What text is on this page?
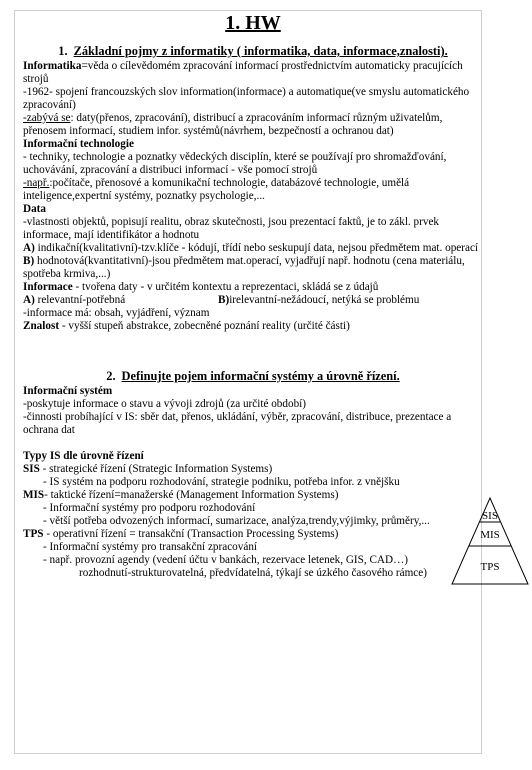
1. HW
1. Základní pojmy z informatiky ( informatika, data, informace,znalosti).
Informatika=věda o cílevědomém zpracování informací prostřednictvím automaticky pracujících strojů
-1962- spojení francouzských slov information(informace) a automatique(ve smyslu automatického zpracování)
-zabývá se: daty(přenos, zpracování), distribucí a zpracováním informací různým uživatelům, přenosem informací, studiem infor. systémů(návrhem, bezpečností a ochranou dat)
Informační technologie
- techniky, technologie a poznatky vědeckých disciplín, které se používají pro shromažďování, uchovávání, zpracování a distribuci informací - vše pomocí strojů
-např.:počítače, přenosové a komunikační technologie, databázové technologie, umělá inteligence,expertní systémy, poznatky psychologie,...
Data
-vlastnosti objektů, popisují realitu, obraz skutečnosti, jsou prezentací faktů, je to zákl. prvek informace, mají identifikátor a hodnotu
A) indikační(kvalitativní)-tzv.klíče - kódují, třídí nebo seskupují data, nejsou předmětem mat. operací
B) hodnotová(kvantitativní)-jsou předmětem mat.operací, vyjadřují např. hodnotu (cena materiálu, spotřeba krmiva,...)
Informace - tvořena daty - v určitém kontextu a reprezentaci, skládá se z údajů
A) relevantní-potřebná	B)irelevantní-nežádoucí, netýká se problému
-informace má: obsah, vyjádření, význam
Znalost - vyšší stupeň abstrakce, zobecněné poznání reality (určité části)
2. Definujte pojem informační systémy a úrovně řízení.
Informační systém
-poskytuje informace o stavu a vývoji zdrojů (za určité období)
-činnosti probíhající v IS: sběr dat, přenos, ukládání, výběr, zpracování, distribuce, prezentace a ochrana dat
Typy IS dle úrovně řízení
SIS - strategické řízení (Strategic Information Systems)
- IS systém na podporu rozhodování, strategie podniku, potřeba infor. z vnějšku
MIS- taktické řízení=manažerské (Management Information Systems)
- Informační systémy pro podporu rozhodování
- větší potřeba odvozených informací, sumarizace, analýza,trendy,výjimky, průměry,...
TPS - operativní řízení = transakční (Transaction Processing Systems)
- Informační systémy pro transakční zpracování
- např. provozní agendy (vedení účtu v bankách, rezervace letenek, GIS, CAD…)
rozhodnutí-strukturovatelná, předvídatelná, týkají se úzkého časového rámce)
SIS
MIS
TPS
